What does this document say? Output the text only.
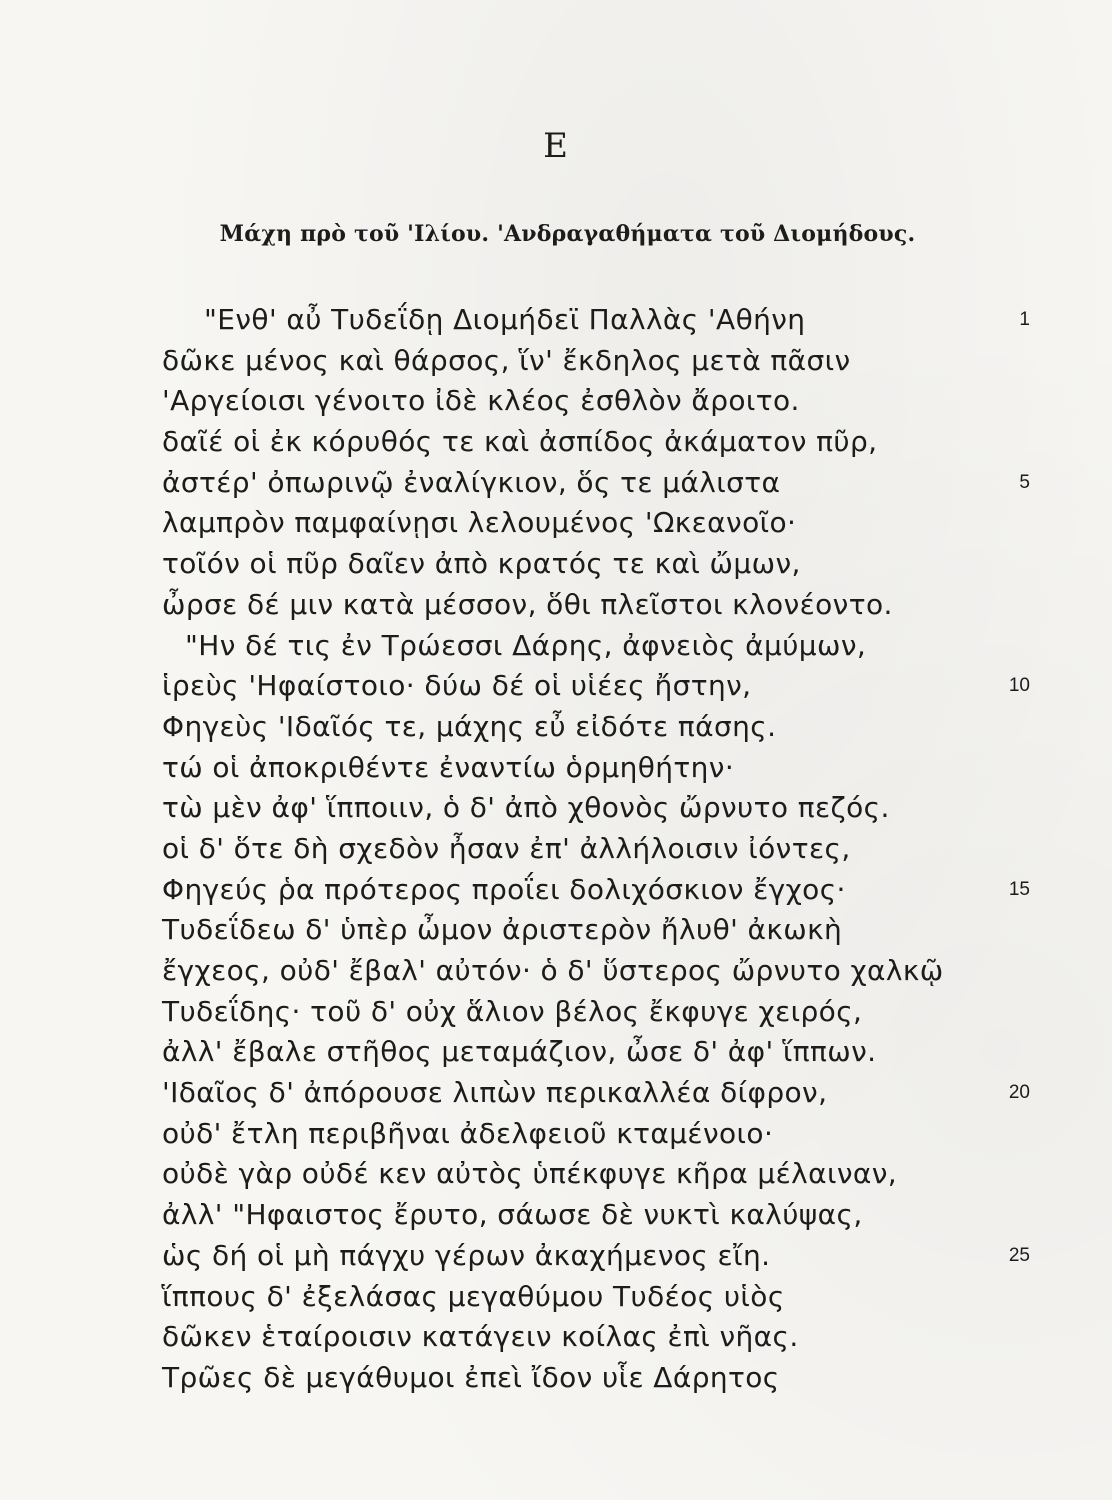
Ε
Μάχη πρὸ τοῦ 'Ιλίου. 'Ανδραγαθήματα τοῦ Διομήδους.
"Ενθ' αὖ Τυδεΐδῃ Διομήδεϊ Παλλὰς 'Αθήνη	1
δῶκε μένος καὶ θάρσος, ἵν' ἔκδηλος μετὰ πᾶσιν
'Αργείοισι γένοιτο ἰδὲ κλέος ἐσθλὸν ἄροιτο.
δαῖέ οἱ ἐκ κόρυθός τε καὶ ἀσπίδος ἀκάματον πῦρ,
ἀστέρ' ὀπωρινῷ ἐναλίγκιον, ὅς τε μάλιστα	5
λαμπρὸν παμφαίνῃσι λελουμένος 'Ωκεανοῖο·
τοῖόν οἱ πῦρ δαῖεν ἀπὸ κρατός τε καὶ ὤμων,
ὦρσε δέ μιν κατὰ μέσσον, ὅθι πλεῖστοι κλονέοντο.
"Ην δέ τις ἐν Τρώεσσι Δάρης, ἀφνειὸς ἀμύμων,
ἱρεὺς 'Ηφαίστοιο· δύω δέ οἱ υἱέες ἤστην,	10
Φηγεὺς 'Ιδαῖός τε, μάχης εὖ εἰδότε πάσης.
τώ οἱ ἀποκριθέντε ἐναντίω ὁρμηθήτην·
τὼ μὲν ἀφ' ἵπποιιν, ὁ δ' ἀπὸ χθονὸς ὤρνυτο πεζός.
οἱ δ' ὅτε δὴ σχεδὸν ἦσαν ἐπ' ἀλλήλοισιν ἰόντες,
Φηγεύς ῥα πρότερος προΐει δολιχόσκιον ἔγχος·	15
Τυδεΐδεω δ' ὑπὲρ ὦμον ἀριστερὸν ἤλυθ' ἀκωκὴ
ἔγχεος, οὐδ' ἔβαλ' αὐτόν· ὁ δ' ὕστερος ὤρνυτο χαλκῷ
Τυδεΐδης· τοῦ δ' οὐχ ἅλιον βέλος ἔκφυγε χειρός,
ἀλλ' ἔβαλε στῆθος μεταμάζιον, ὦσε δ' ἀφ' ἵππων.
'Ιδαῖος δ' ἀπόρουσε λιπὼν περικαλλέα δίφρον,	20
οὐδ' ἔτλη περιβῆναι ἀδελφειοῦ κταμένοιο·
οὐδὲ γὰρ οὐδέ κεν αὐτὸς ὑπέκφυγε κῆρα μέλαιναν,
ἀλλ' "Ηφαιστος ἔρυτο, σάωσε δὲ νυκτὶ καλύψας,
ὡς δή οἱ μὴ πάγχυ γέρων ἀκαχήμενος εἴη.	25
ἵππους δ' ἐξελάσας μεγαθύμου Τυδέος υἱὸς
δῶκεν ἑταίροισιν κατάγειν κοίλας ἐπὶ νῆας.
Τρῶες δὲ μεγάθυμοι ἐπεὶ ἴδον υἷε Δάρητος
